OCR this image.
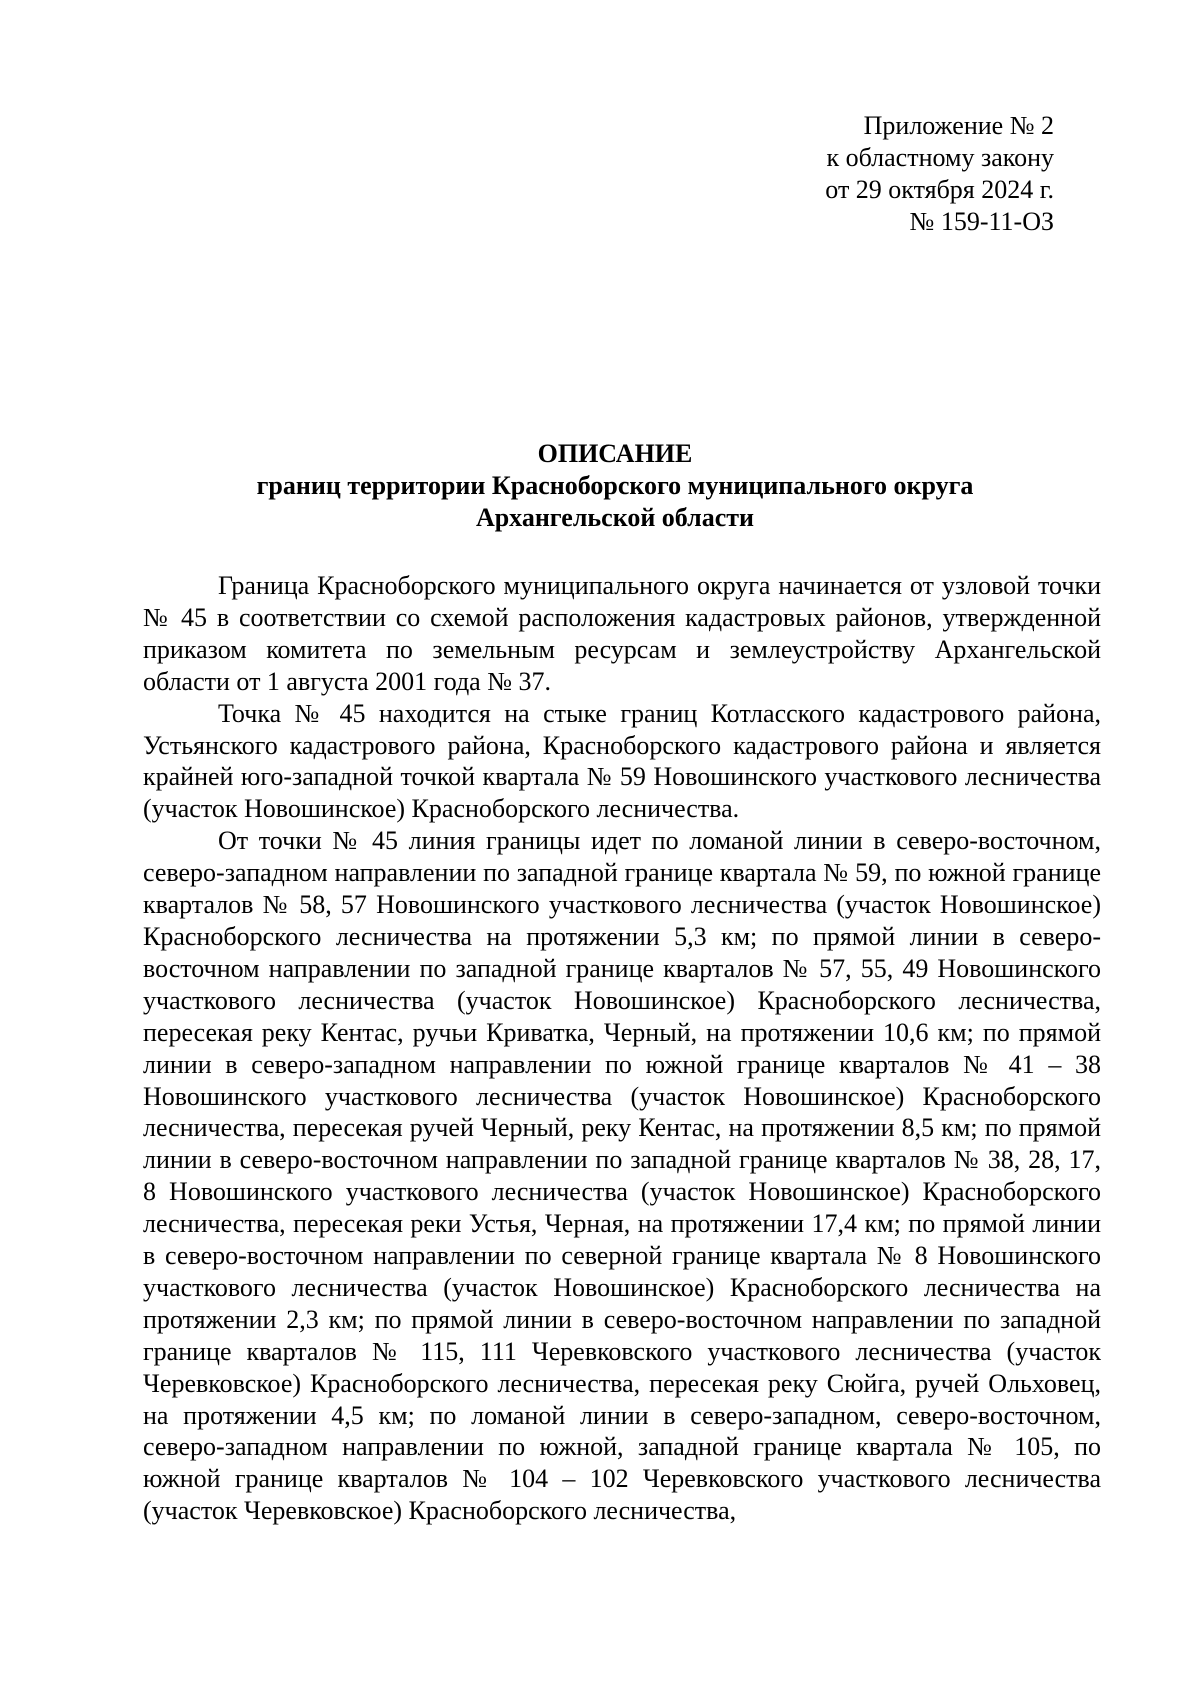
Приложение № 2
к областному закону
от 29 октября 2024 г.
№ 159-11-ОЗ
ОПИСАНИЕ
границ территории Красноборского муниципального округа
Архангельской области

Граница Красноборского муниципального округа начинается от узловой точки № 45 в соответствии со схемой расположения кадастровых районов, утвержденной приказом комитета по земельным ресурсам и землеустройству Архангельской области от 1 августа 2001 года № 37.

Точка № 45 находится на стыке границ Котласского кадастрового района, Устьянского кадастрового района, Красноборского кадастрового района и является крайней юго-западной точкой квартала № 59 Новошинского участкового лесничества (участок Новошинское) Красноборского лесничества.

От точки № 45 линия границы идет по ломаной линии в северо-восточном, северо-западном направлении по западной границе квартала № 59, по южной границе кварталов № 58, 57 Новошинского участкового лесничества (участок Новошинское) Красноборского лесничества на протяжении 5,3 км; по прямой линии в северо-восточном направлении по западной границе кварталов № 57, 55, 49 Новошинского участкового лесничества (участок Новошинское) Красноборского лесничества, пересекая реку Кентас, ручьи Криватка, Черный, на протяжении 10,6 км; по прямой линии в северо-западном направлении по южной границе кварталов № 41 – 38 Новошинского участкового лесничества (участок Новошинское) Красноборского лесничества, пересекая ручей Черный, реку Кентас, на протяжении 8,5 км; по прямой линии в северо-восточном направлении по западной границе кварталов № 38, 28, 17, 8 Новошинского участкового лесничества (участок Новошинское) Красноборского лесничества, пересекая реки Устья, Черная, на протяжении 17,4 км; по прямой линии в северо-восточном направлении по северной границе квартала № 8 Новошинского участкового лесничества (участок Новошинское) Красноборского лесничества на протяжении 2,3 км; по прямой линии в северо-восточном направлении по западной границе кварталов № 115, 111 Черевковского участкового лесничества (участок Черевковское) Красноборского лесничества, пересекая реку Сюйга, ручей Ольховец, на протяжении 4,5 км; по ломаной линии в северо-западном, северо-восточном, северо-западном направлении по южной, западной границе квартала № 105, по южной границе кварталов № 104 – 102 Черевковского участкового лесничества (участок Черевковское) Красноборского лесничества,
